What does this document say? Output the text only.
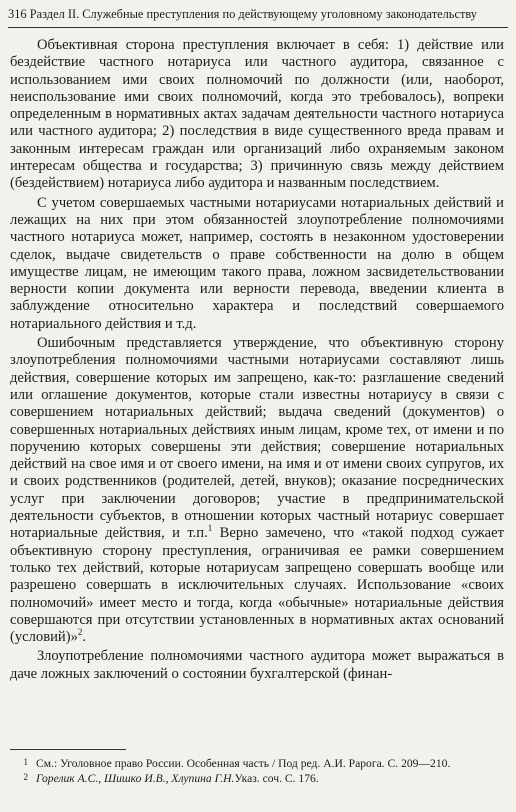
316 Раздел II. Служебные преступления по действующему уголовному законодательству

Объективная сторона преступления включает в себя: 1) действие или бездействие частного нотариуса или частного аудитора, связанное с использованием ими своих полномочий по должности (или, наоборот, неиспользование ими своих полномочий, когда это требовалось), вопреки определенным в нормативных актах задачам деятельности частного нотариуса или частного аудитора; 2) последствия в виде существенного вреда правам и законным интересам граждан или организаций либо охраняемым законом интересам общества и государства; 3) причинную связь между действием (бездействием) нотариуса либо аудитора и названным последствием.

С учетом совершаемых частными нотариусами нотариальных действий и лежащих на них при этом обязанностей злоупотребление полномочиями частного нотариуса может, например, состоять в незаконном удостоверении сделок, выдаче свидетельств о праве собственности на долю в общем имуществе лицам, не имеющим такого права, ложном засвидетельствовании верности копии документа или верности перевода, введении клиента в заблуждение относительно характера и последствий совершаемого нотариального действия и т.д.

Ошибочным представляется утверждение, что объективную сторону злоупотребления полномочиями частными нотариусами составляют лишь действия, совершение которых им запрещено, как-то: разглашение сведений или оглашение документов, которые стали известны нотариусу в связи с совершением нотариальных действий; выдача сведений (документов) о совершенных нотариальных действиях иным лицам, кроме тех, от имени и по поручению которых совершены эти действия; совершение нотариальных действий на свое имя и от своего имени, на имя и от имени своих супругов, их и своих родственников (родителей, детей, внуков); оказание посреднических услуг при заключении договоров; участие в предпринимательской деятельности субъектов, в отношении которых частный нотариус совершает нотариальные действия, и т.п.$^1$ Верно замечено, что «такой подход сужает объективную сторону преступления, ограничивая ее рамки совершением только тех действий, которые нотариусам запрещено совершать вообще или разрешено совершать в исключительных случаях. Использование «своих полномочий» имеет место и тогда, когда «обычные» нотариальные действия совершаются при отсутствии установленных в нормативных актах оснований (условий)»$^2$.

Злоупотребление полномочиями частного аудитора может выражаться в даче ложных заключений о состоянии бухгалтерской (финан-

1 См.: Уголовное право России. Особенная часть / Под ред. А.И. Рарога. С. 209—210.
2 Горелик А.С., Шишко И.В., Хлупина Г.Н. Указ. соч. С. 176.
